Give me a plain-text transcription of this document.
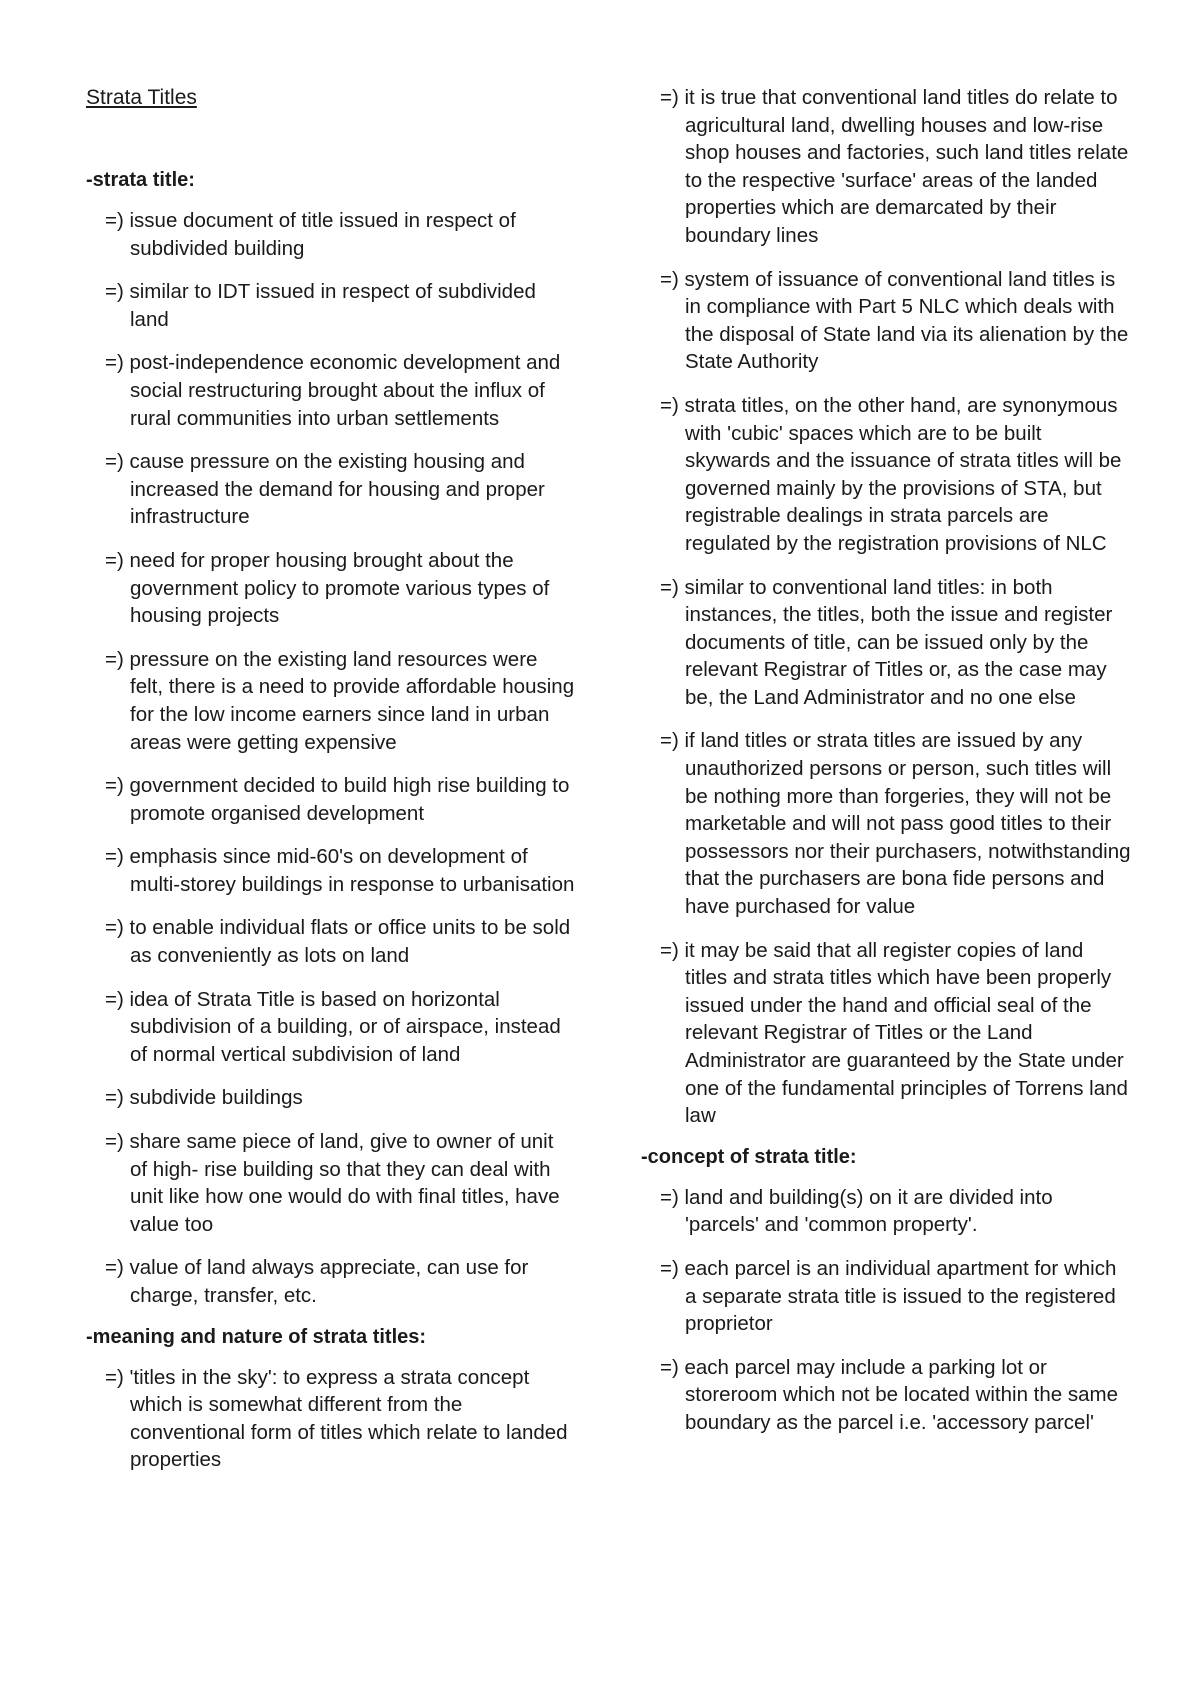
Strata Titles
-strata title:
=) issue document of title issued in respect of subdivided building
=) similar to IDT issued in respect of subdivided land
=) post-independence economic development and social restructuring brought about the influx of rural communities into urban settlements
=) cause pressure on the existing housing and increased the demand for housing and proper infrastructure
=) need for proper housing brought about the government policy to promote various types of housing projects
=) pressure on the existing land resources were felt, there is a need to provide affordable housing for the low income earners since land in urban areas were getting expensive
=) government decided to build high rise building to promote organised development
=) emphasis since mid-60's on development of multi-storey buildings in response to urbanisation
=) to enable individual flats or office units to be sold as conveniently as lots on land
=) idea of Strata Title is based on horizontal subdivision of a building, or of airspace, instead of normal vertical subdivision of land
=) subdivide buildings
=) share same piece of land, give to owner of unit of high- rise building so that they can deal with unit like how one would do with final titles, have value too
=) value of land always appreciate, can use for charge, transfer, etc.
-meaning and nature of strata titles:
=) 'titles in the sky': to express a strata concept which is somewhat different from the conventional form of titles which relate to landed properties
=) it is true that conventional land titles do relate to agricultural land, dwelling houses and low-rise shop houses and factories, such land titles relate to the respective 'surface' areas of the landed properties which are demarcated by their boundary lines
=) system of issuance of conventional land titles is in compliance with Part 5 NLC which deals with the disposal of State land via its alienation by the State Authority
=) strata titles, on the other hand, are synonymous with 'cubic' spaces which are to be built skywards and the issuance of strata titles will be governed mainly by the provisions of STA, but registrable dealings in strata parcels are regulated by the registration provisions of NLC
=) similar to conventional land titles: in both instances, the titles, both the issue and register documents of title, can be issued only by the relevant Registrar of Titles or, as the case may be, the Land Administrator and no one else
=) if land titles or strata titles are issued by any unauthorized persons or person, such titles will be nothing more than forgeries, they will not be marketable and will not pass good titles to their possessors nor their purchasers, notwithstanding that the purchasers are bona fide persons and have purchased for value
=) it may be said that all register copies of land titles and strata titles which have been properly issued under the hand and official seal of the relevant Registrar of Titles or the Land Administrator are guaranteed by the State under one of the fundamental principles of Torrens land law
-concept of strata title:
=) land and building(s) on it are divided into 'parcels' and 'common property'.
=) each parcel is an individual apartment for which a separate strata title is issued to the registered proprietor
=) each parcel may include a parking lot or storeroom which not be located within the same boundary as the parcel i.e. 'accessory parcel'
